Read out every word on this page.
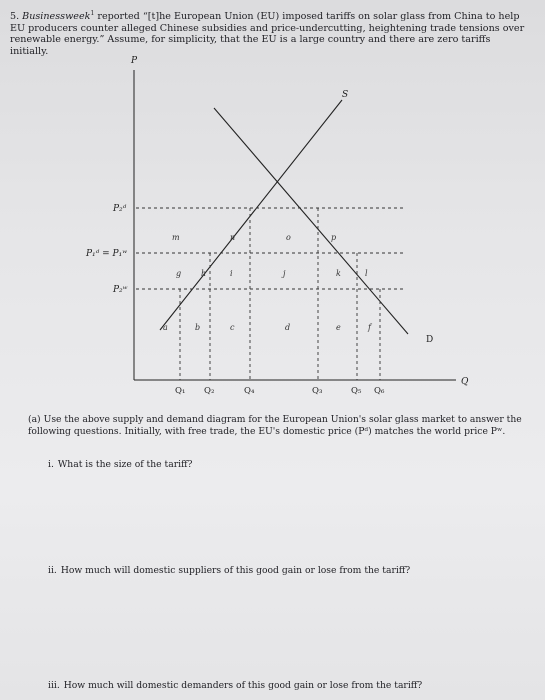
5. Businessweek$^1$ reported “[t]he European Union (EU) imposed tariffs on solar glass from China to help EU producers counter alleged Chinese subsidies and price-undercutting, heightening trade tensions over renewable energy.” Assume, for simplicity, that the EU is a large country and there are zero tariffs initially.

P
Q
S
D
P₂ᵈ
P₁ᵈ = P₁ʷ
P₂ʷ
Q₁ Q₂	Q₄	Q₃	Q₅ Q₆
m	n	o	p
g h	i	j	k	l
a	b	c	d	e	f

(a) Use the above supply and demand diagram for the European Union's solar glass market to answer the following questions. Initially, with free trade, the EU's domestic price (Pᵈ) matches the world price Pʷ.

i. What is the size of the tariff?
ii. How much will domestic suppliers of this good gain or lose from the tariff?
iii. How much will domestic demanders of this good gain or lose from the tariff?
